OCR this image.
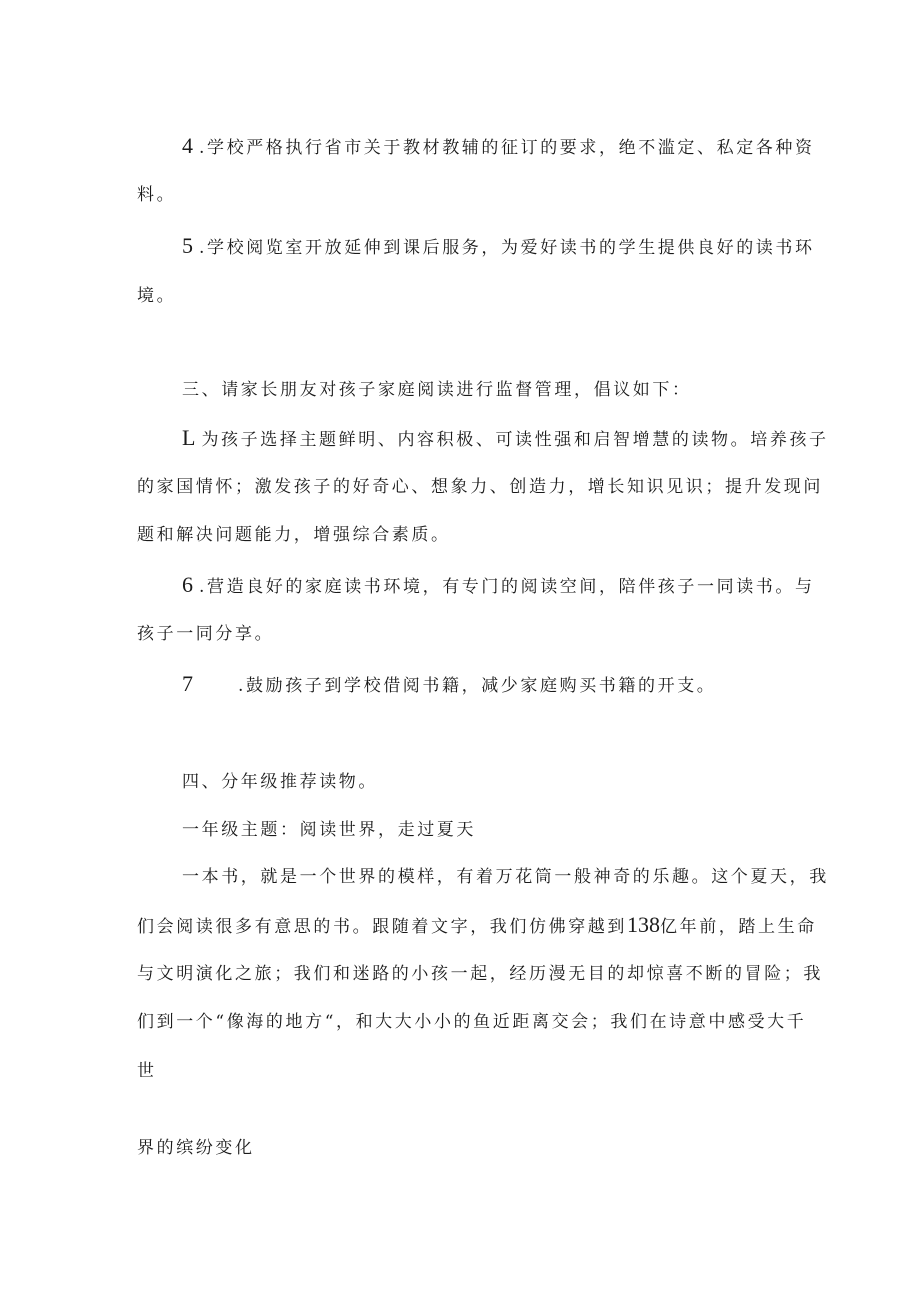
4 .学校严格执行省市关于教材教辅的征订的要求，绝不滥定、私定各种资
料。
5 .学校阅览室开放延伸到课后服务，为爱好读书的学生提供良好的读书环
境。
三、请家长朋友对孩子家庭阅读进行监督管理，倡议如下：
L 为孩子选择主题鲜明、内容积极、可读性强和启智增慧的读物。培养孩子
的家国情怀；激发孩子的好奇心、想象力、创造力，增长知识见识；提升发现问
题和解决问题能力，增强综合素质。
6 .营造良好的家庭读书环境，有专门的阅读空间，陪伴孩子一同读书。与
孩子一同分享。
7 .鼓励孩子到学校借阅书籍，减少家庭购买书籍的开支。
四、分年级推荐读物。
一年级主题：阅读世界，走过夏天
一本书，就是一个世界的模样，有着万花筒一般神奇的乐趣。这个夏天，我
们会阅读很多有意思的书。跟随着文字，我们仿佛穿越到138亿年前，踏上生命
与文明演化之旅；我们和迷路的小孩一起，经历漫无目的却惊喜不断的冒险；我
们到一个“像海的地方“，和大大小小的鱼近距离交会；我们在诗意中感受大千
世
界的缤纷变化
